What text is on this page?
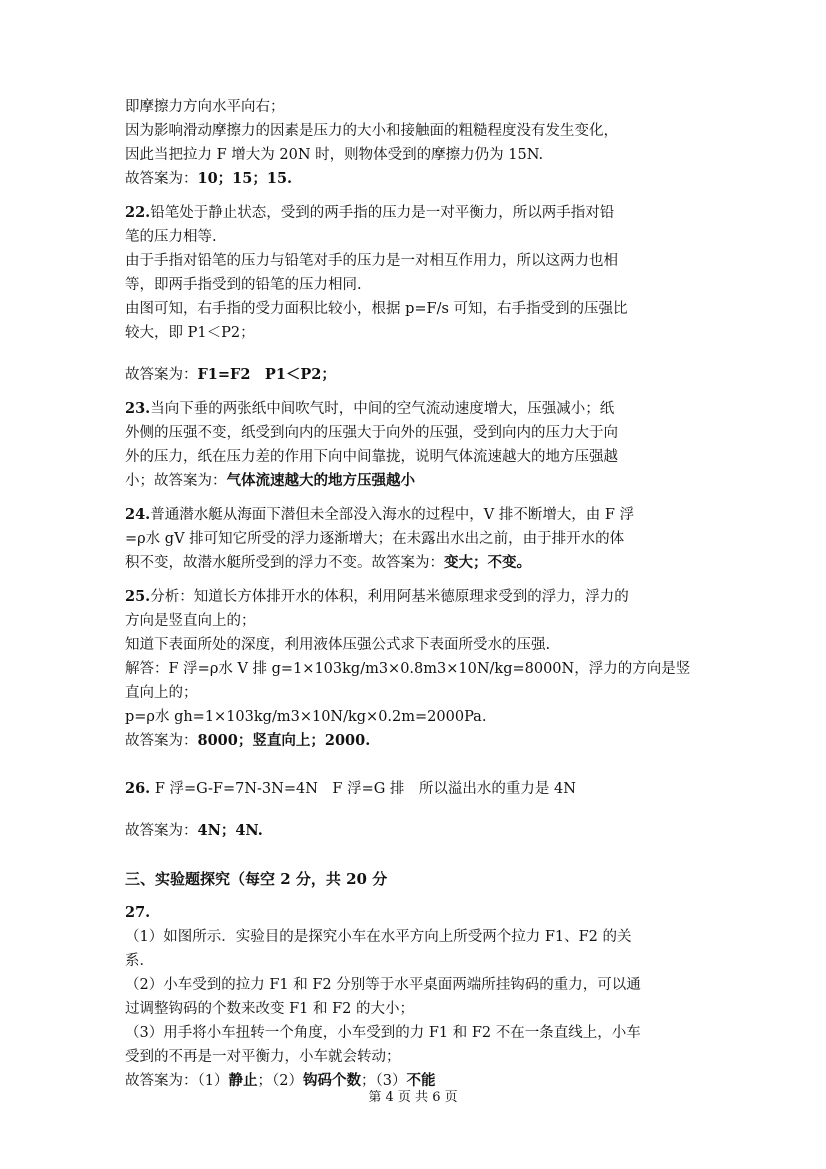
即摩擦力方向水平向右；
因为影响滑动摩擦力的因素是压力的大小和接触面的粗糙程度没有发生变化，
因此当把拉力 F 增大为 20N 时，则物体受到的摩擦力仍为 15N.
故答案为：10；15；15.
22.铅笔处于静止状态，受到的两手指的压力是一对平衡力，所以两手指对铅
笔的压力相等.
由于手指对铅笔的压力与铅笔对手的压力是一对相互作用力，所以这两力也相
等，即两手指受到的铅笔的压力相同.
由图可知，右手指的受力面积比较小，根据 p=F/s 可知，右手指受到的压强比
较大，即 P1＜P2；
故答案为：F1=F2　P1＜P2；
23.当向下垂的两张纸中间吹气时，中间的空气流动速度增大，压强减小；纸
外侧的压强不变，纸受到向内的压强大于向外的压强，受到向内的压力大于向
外的压力，纸在压力差的作用下向中间靠拢，说明气体流速越大的地方压强越
小；故答案为：气体流速越大的地方压强越小
24.普通潜水艇从海面下潜但未全部没入海水的过程中，V 排不断增大，由 F 浮
=ρ水 gV 排可知它所受的浮力逐渐增大；在未露出水出之前，由于排开水的体
积不变，故潜水艇所受到的浮力不变。故答案为：变大；不变。
25.分析：知道长方体排开水的体积，利用阿基米德原理求受到的浮力，浮力的
方向是竖直向上的；
知道下表面所处的深度，利用液体压强公式求下表面所受水的压强.
解答：F 浮=ρ水 V 排 g=1×103kg/m3×0.8m3×10N/kg=8000N，浮力的方向是竖
直向上的；
p=ρ水 gh=1×103kg/m3×10N/kg×0.2m=2000Pa.
故答案为：8000；竖直向上；2000.
26. F 浮=G-F=7N-3N=4N　F 浮=G 排　所以溢出水的重力是 4N
故答案为：4N；4N.
三、实验题探究（每空 2 分，共 20 分
27.
（1）如图所示．实验目的是探究小车在水平方向上所受两个拉力 F1、F2 的关
系．
（2）小车受到的拉力 F1 和 F2 分别等于水平桌面两端所挂钩码的重力，可以通
过调整钩码的个数来改变 F1 和 F2 的大小；
（3）用手将小车扭转一个角度，小车受到的力 F1 和 F2 不在一条直线上，小车
受到的不再是一对平衡力，小车就会转动；
故答案为：（1）静止；（2）钩码个数；（3）不能
第 4 页 共 6 页
